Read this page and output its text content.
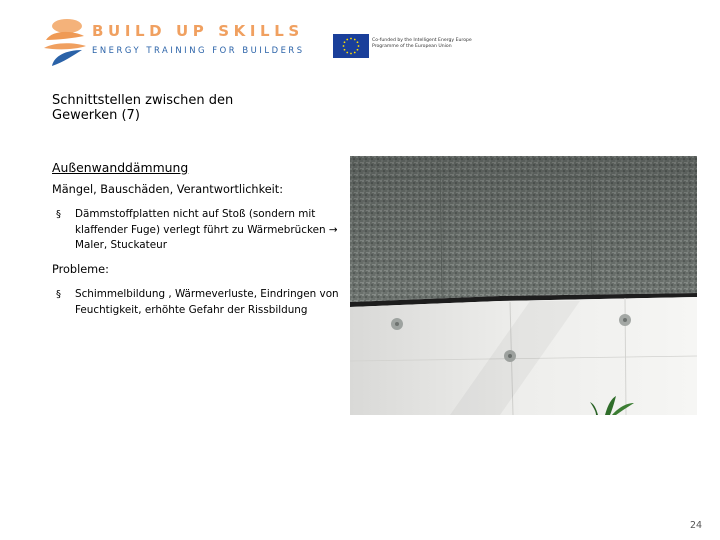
BUILD UP SKILLS
ENERGY TRAINING FOR BUILDERS
Co-funded by the Intelligent Energy Europe Programme of the European Union
Schnittstellen zwischen den Gewerken (7)
Außenwanddämmung
Mängel, Bauschäden, Verantwortlichkeit:
§ Dämmstoffplatten nicht auf Stoß (sondern mit klaffender Fuge) verlegt führt zu Wärmebrücken → Maler, Stuckateur
Probleme:
§ Schimmelbildung , Wärmeverluste, Eindringen von Feuchtigkeit, erhöhte Gefahr der Rissbildung
24
